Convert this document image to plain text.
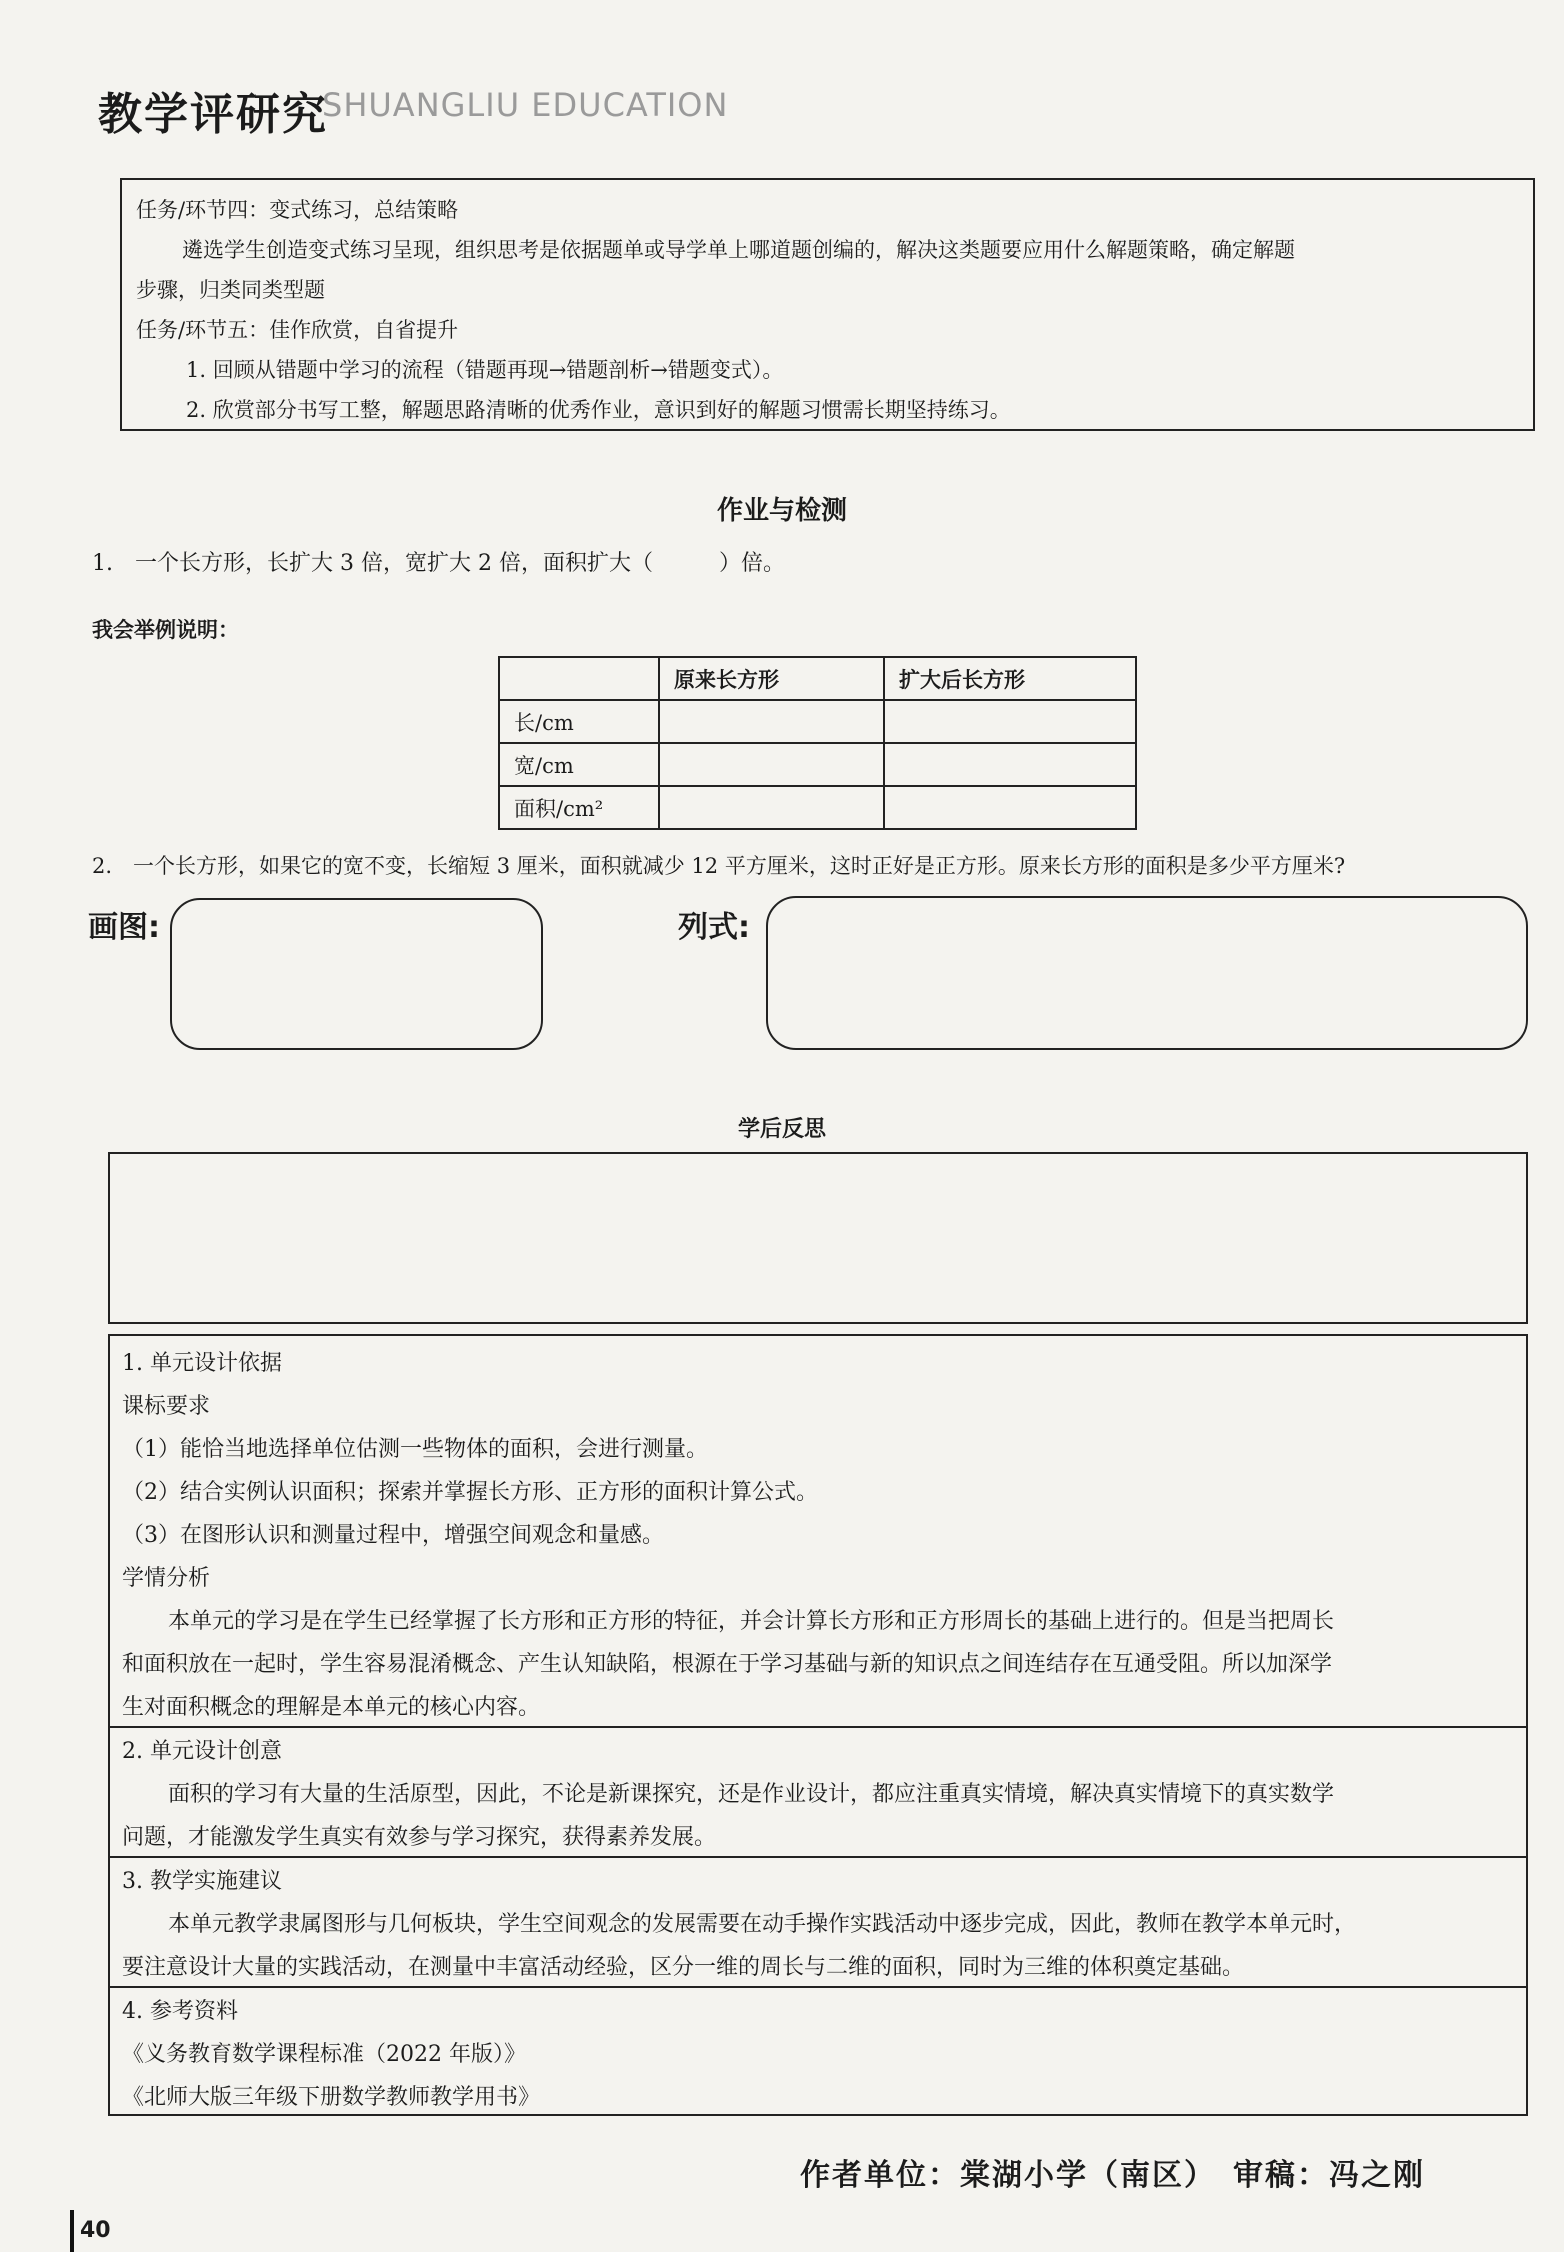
教学评研究
SHUANGLIU EDUCATION
任务/环节四：变式练习，总结策略
遴选学生创造变式练习呈现，组织思考是依据题单或导学单上哪道题创编的，解决这类题要应用什么解题策略，确定解题
步骤，归类同类型题
任务/环节五：佳作欣赏，自省提升
1. 回顾从错题中学习的流程（错题再现→错题剖析→错题变式）。
2. 欣赏部分书写工整，解题思路清晰的优秀作业，意识到好的解题习惯需长期坚持练习。
作业与检测
1.　一个长方形，长扩大 3 倍，宽扩大 2 倍，面积扩大（　　　）倍。
我会举例说明：
	原来长方形	扩大后长方形
长/cm		
宽/cm		
面积/cm²		
2.　一个长方形，如果它的宽不变，长缩短 3 厘米，面积就减少 12 平方厘米，这时正好是正方形。原来长方形的面积是多少平方厘米?
画图:	列式:
学后反思
1. 单元设计依据
课标要求
（1）能恰当地选择单位估测一些物体的面积，会进行测量。
（2）结合实例认识面积；探索并掌握长方形、正方形的面积计算公式。
（3）在图形认识和测量过程中，增强空间观念和量感。
学情分析
本单元的学习是在学生已经掌握了长方形和正方形的特征，并会计算长方形和正方形周长的基础上进行的。但是当把周长
和面积放在一起时，学生容易混淆概念、产生认知缺陷，根源在于学习基础与新的知识点之间连结存在互通受阻。所以加深学
生对面积概念的理解是本单元的核心内容。
2. 单元设计创意
面积的学习有大量的生活原型，因此，不论是新课探究，还是作业设计，都应注重真实情境，解决真实情境下的真实数学
问题，才能激发学生真实有效参与学习探究，获得素养发展。
3. 教学实施建议
本单元教学隶属图形与几何板块，学生空间观念的发展需要在动手操作实践活动中逐步完成，因此，教师在教学本单元时，
要注意设计大量的实践活动，在测量中丰富活动经验，区分一维的周长与二维的面积，同时为三维的体积奠定基础。
4. 参考资料
《义务教育数学课程标准（2022 年版）》
《北师大版三年级下册数学教师教学用书》
作者单位：棠湖小学（南区）　审稿：冯之刚
40
